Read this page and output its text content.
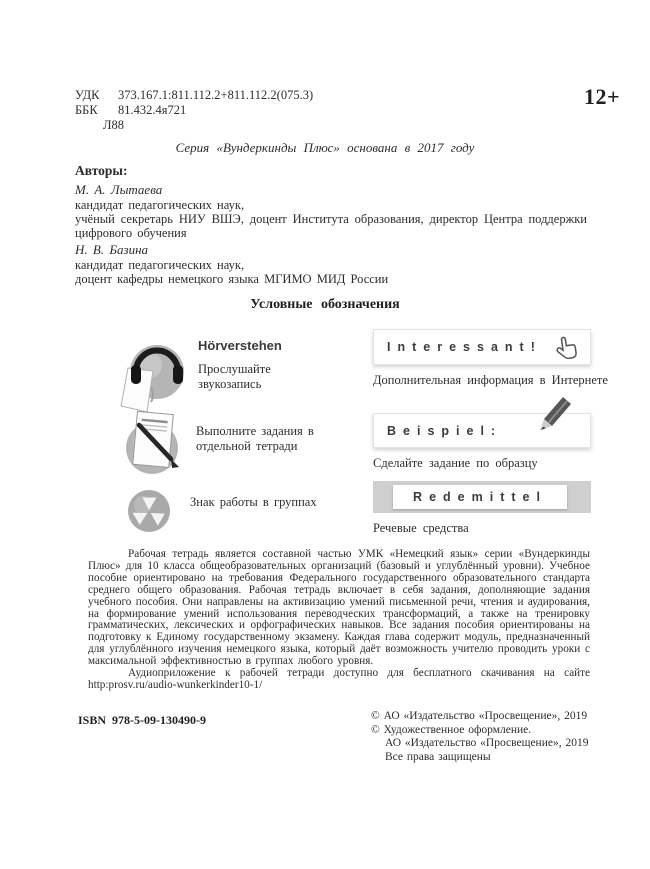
УДК	373.167.1:811.112.2+811.112.2(075.3)
ББК	81.432.4я721
Л88
12+
Серия «Вундеркинды Плюс» основана в 2017 году
Авторы:
М. А. Лытаева
кандидат педагогических наук,
учёный секретарь НИУ ВШЭ, доцент Института образования, директор Центра поддержки цифрового обучения
Н. В. Базина
кандидат педагогических наук,
доцент кафедры немецкого языка МГИМО МИД России
Условные обозначения
Hörverstehen
Прослушайте звукозапись
Выполните задания в отдельной тетради
Знак работы в группах
Interessant!
Дополнительная информация в Интернете
Beispiel:
Сделайте задание по образцу
Redemittel
Речевые средства

Рабочая тетрадь является составной частью УМК «Немецкий язык» серии «Вундеркинды Плюс» для 10 класса общеобразовательных организаций (базовый и углублённый уровни). Учебное пособие ориентировано на требования Федерального государственного образовательного стандарта среднего общего образования. Рабочая тетрадь включает в себя задания, дополняющие задания учебного пособия. Они направлены на активизацию умений письменной речи, чтения и аудирования, на формирование умений использования переводческих трансформаций, а также на тренировку грамматических, лексических и орфографических навыков. Все задания пособия ориентированы на подготовку к Единому государственному экзамену. Каждая глава содержит модуль, предназначенный для углублённого изучения немецкого языка, который даёт возможность учителю проводить уроки с максимальной эффективностью в группах любого уровня.

Аудиоприложение к рабочей тетради доступно для бесплатного скачивания на сайте http:prosv.ru/audio-wunkerkinder10-1/

ISBN 978-5-09-130490-9	© АО «Издательство «Просвещение», 2019
© Художественное оформление.
АО «Издательство «Просвещение», 2019
Все права защищены
